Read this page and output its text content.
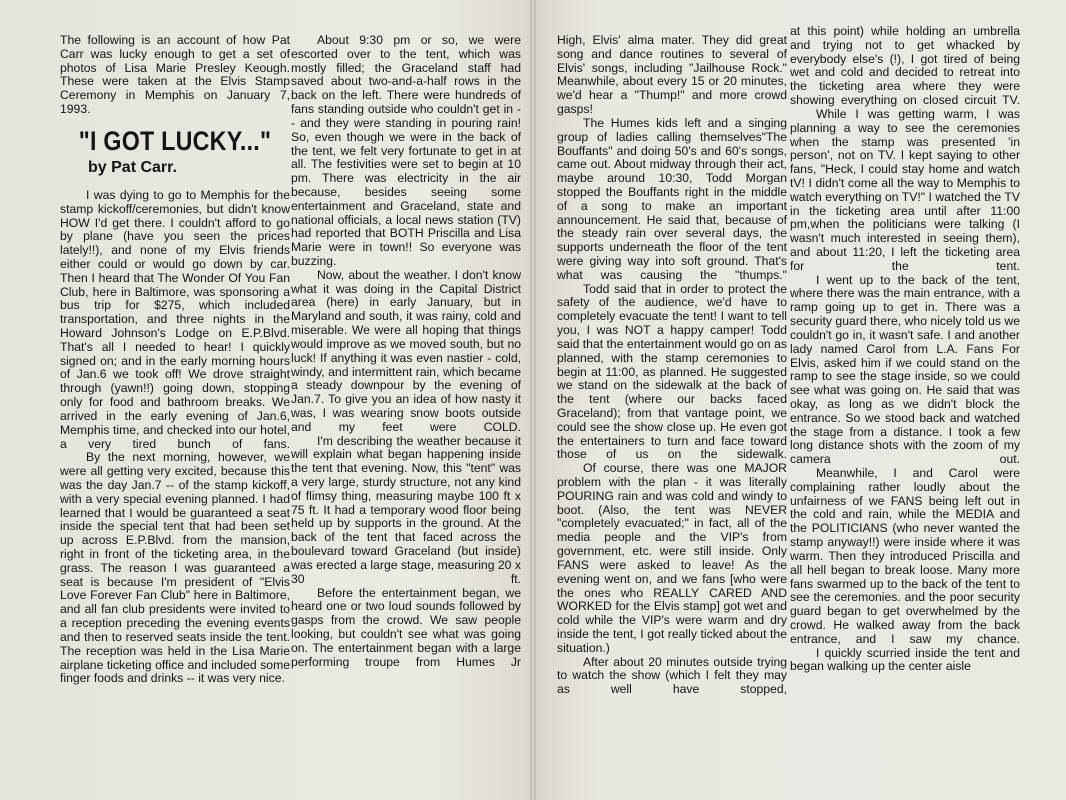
The following is an account of how Pat Carr was lucky enough to get a set of photos of Lisa Marie Presley Keough. These were taken at the Elvis Stamp Ceremony in Memphis on January 7, 1993.

"I GOT LUCKY..."
by Pat Carr.

I was dying to go to Memphis for the stamp kickoff/ceremonies, but didn't know HOW I'd get there. I couldn't afford to go by plane (have you seen the prices lately!!), and none of my Elvis friends either could or would go down by car. Then I heard that The Wonder Of You Fan Club, here in Baltimore, was sponsoring a bus trip for $275, which included transportation, and three nights in the Howard Johnson's Lodge on E.P.Blvd. That's all I needed to hear! I quickly signed on; and in the early morning hours of Jan.6 we took off! We drove straight through (yawn!!) going down, stopping only for food and bathroom breaks. We arrived in the early evening of Jan.6, Memphis time, and checked into our hotel, a very tired bunch of fans.

By the next morning, however, we were all getting very excited, because this was the day Jan.7 -- of the stamp kickoff, with a very special evening planned. I had learned that I would be guaranteed a seat inside the special tent that had been set up across E.P.Blvd. from the mansion, right in front of the ticketing area, in the grass. The reason I was guaranteed a seat is because I'm president of "Elvis Love Forever Fan Club" here in Baltimore, and all fan club presidents were invited to a reception preceding the evening events and then to reserved seats inside the tent. The reception was held in the Lisa Marie airplane ticketing office and included some finger foods and drinks -- it was very nice.

About 9:30 pm or so, we were escorted over to the tent, which was mostly filled; the Graceland staff had saved about two-and-a-half rows in the back on the left. There were hundreds of fans standing outside who couldn't get in -- and they were standing in pouring rain! So, even though we were in the back of the tent, we felt very fortunate to get in at all. The festivities were set to begin at 10 pm. There was electricity in the air because, besides seeing some entertainment and Graceland, state and national officials, a local news station (TV) had reported that BOTH Priscilla and Lisa Marie were in town!! So everyone was buzzing.

Now, about the weather. I don't know what it was doing in the Capital District area (here) in early January, but in Maryland and south, it was rainy, cold and miserable. We were all hoping that things would improve as we moved south, but no luck! If anything it was even nastier - cold, windy, and intermittent rain, which became a steady downpour by the evening of Jan.7. To give you an idea of how nasty it was, I was wearing snow boots outside and my feet were COLD.

I'm describing the weather because it will explain what began happening inside the tent that evening. Now, this "tent" was a very large, sturdy structure, not any kind of flimsy thing, measuring maybe 100 ft x 75 ft. It had a temporary wood floor being held up by supports in the ground. At the back of the tent that faced across the boulevard toward Graceland (but inside) was erected a large stage, measuring 20 x 30 ft.

Before the entertainment began, we heard one or two loud sounds followed by gasps from the crowd. We saw people looking, but couldn't see what was going on. The entertainment began with a large performing troupe from Humes Jr

High, Elvis' alma mater. They did great song and dance routines to several of Elvis' songs, including "Jailhouse Rock." Meanwhile, about every 15 or 20 minutes, we'd hear a "Thump!" and more crowd gasps!

The Humes kids left and a singing group of ladies calling themselves"The Bouffants" and doing 50's and 60's songs, came out. About midway through their act, maybe around 10:30, Todd Morgan stopped the Bouffants right in the middle of a song to make an important announcement. He said that, because of the steady rain over several days, the supports underneath the floor of the tent were giving way into soft ground. That's what was causing the "thumps."

Todd said that in order to protect the safety of the audience, we'd have to completely evacuate the tent! I want to tell you, I was NOT a happy camper! Todd said that the entertainment would go on as planned, with the stamp ceremonies to begin at 11:00, as planned. He suggested we stand on the sidewalk at the back of the tent (where our backs faced Graceland); from that vantage point, we could see the show close up. He even got the entertainers to turn and face toward those of us on the sidewalk.

Of course, there was one MAJOR problem with the plan - it was literally POURING rain and was cold and windy to boot. (Also, the tent was NEVER "completely evacuated;" in fact, all of the media people and the VIP's from government, etc. were still inside. Only FANS were asked to leave! As the evening went on, and we fans [who were the ones who REALLY CARED AND WORKED for the Elvis stamp] got wet and cold while the VIP's were warm and dry inside the tent, I got really ticked about the situation.)

After about 20 minutes outside trying to watch the show (which I felt they may as well have stopped,

at this point) while holding an umbrella and trying not to get whacked by everybody else's (!), I got tired of being wet and cold and decided to retreat into the ticketing area where they were showing everything on closed circuit TV.

While I was getting warm, I was planning a way to see the ceremonies when the stamp was presented 'in person', not on TV. I kept saying to other fans, "Heck, I could stay home and watch tV! I didn't come all the way to Memphis to watch everything on TV!" I watched the TV in the ticketing area until after 11:00 pm,when the politicians were talking (I wasn't much interested in seeing them), and about 11:20, I left the ticketing area for the tent.

I went up to the back of the tent, where there was the main entrance, with a ramp going up to get in. There was a security guard there, who nicely told us we couldn't go in, it wasn't safe. I and another lady named Carol from L.A. Fans For Elvis, asked him if we could stand on the ramp to see the stage inside, so we could see what was going on. He said that was okay, as long as we didn't block the entrance. So we stood back and watched the stage from a distance. I took a few long distance shots with the zoom of my camera out.

Meanwhile, I and Carol were complaining rather loudly about the unfairness of we FANS being left out in the cold and rain, while the MEDIA and the POLITICIANS (who never wanted the stamp anyway!!) were inside where it was warm. Then they introduced Priscilla and all hell began to break loose. Many more fans swarmed up to the back of the tent to see the ceremonies. and the poor security guard began to get overwhelmed by the crowd. He walked away from the back entrance, and I saw my chance.

I quickly scurried inside the tent and began walking up the center aisle
